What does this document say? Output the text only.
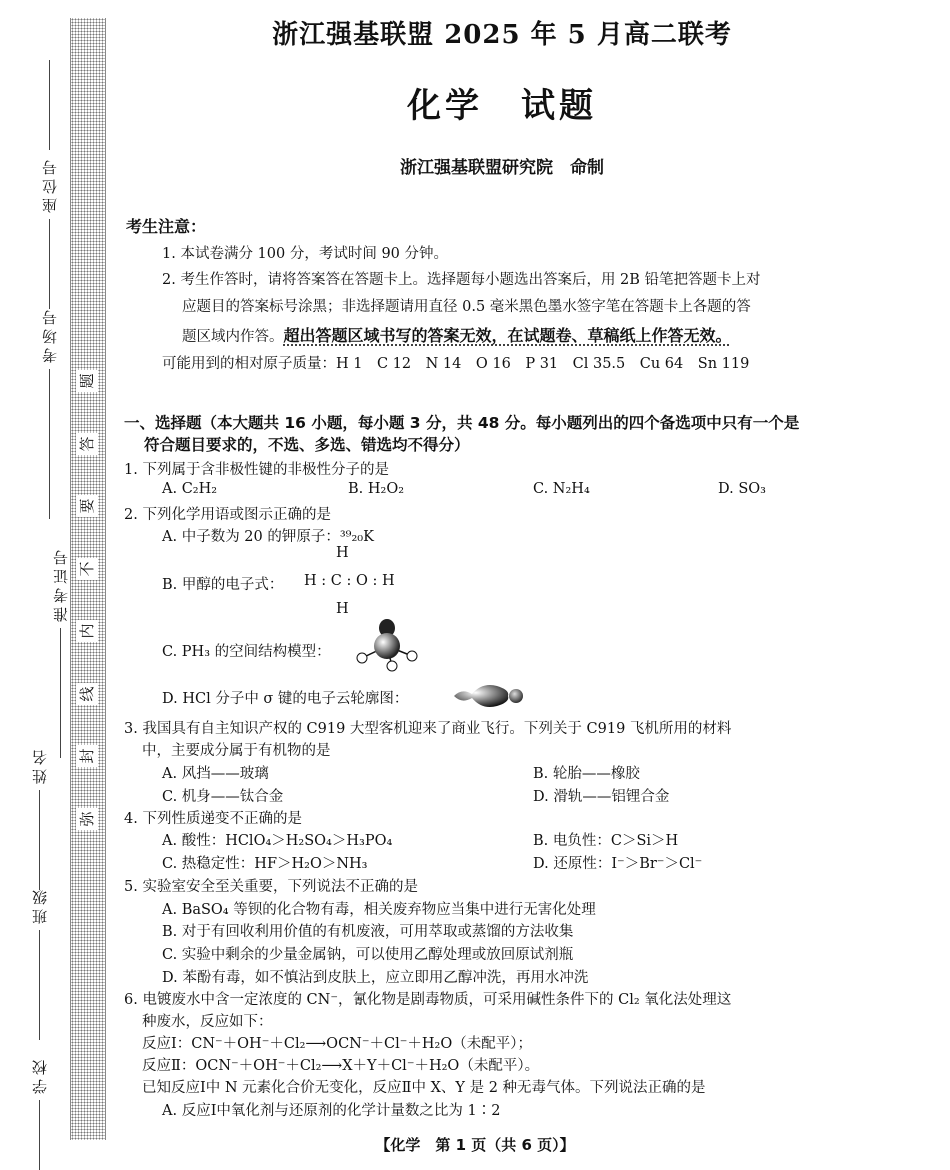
题
答
要
不
内
线
封
弥
座位号
考场号
准考证号
姓名
班级
学校
浙江强基联盟 2025 年 5 月高二联考
化学　试题
浙江强基联盟研究院　命制
考生注意：
1. 本试卷满分 100 分，考试时间 90 分钟。
2. 考生作答时，请将答案答在答题卡上。选择题每小题选出答案后，用 2B 铅笔把答题卡上对
应题目的答案标号涂黑；非选择题请用直径 0.5 毫米黑色墨水签字笔在答题卡上各题的答
题区域内作答。超出答题区域书写的答案无效，在试题卷、草稿纸上作答无效。
可能用到的相对原子质量：H 1　C 12　N 14　O 16　P 31　Cl 35.5　Cu 64　Sn 119
一、选择题（本大题共 16 小题，每小题 3 分，共 48 分。每小题列出的四个备选项中只有一个是
符合题目要求的，不选、多选、错选均不得分）
1. 下列属于含非极性键的非极性分子的是
A. C₂H₂	B. H₂O₂	C. N₂H₄	D. SO₃
2. 下列化学用语或图示正确的是
A. 中子数为 20 的钾原子：³⁹₂₀K
B. 甲醇的电子式：
H
H : C : O : H
H
C. PH₃ 的空间结构模型：
D. HCl 分子中 σ 键的电子云轮廓图：
3. 我国具有自主知识产权的 C919 大型客机迎来了商业飞行。下列关于 C919 飞机所用的材料
中，主要成分属于有机物的是
A. 风挡——玻璃	B. 轮胎——橡胶
C. 机身——钛合金	D. 滑轨——铝锂合金
4. 下列性质递变不正确的是
A. 酸性：HClO₄＞H₂SO₄＞H₃PO₄	B. 电负性：C＞Si＞H
C. 热稳定性：HF＞H₂O＞NH₃	D. 还原性：I⁻＞Br⁻＞Cl⁻
5. 实验室安全至关重要，下列说法不正确的是
A. BaSO₄ 等钡的化合物有毒，相关废弃物应当集中进行无害化处理
B. 对于有回收利用价值的有机废液，可用萃取或蒸馏的方法收集
C. 实验中剩余的少量金属钠，可以使用乙醇处理或放回原试剂瓶
D. 苯酚有毒，如不慎沾到皮肤上，应立即用乙醇冲洗，再用水冲洗
6. 电镀废水中含一定浓度的 CN⁻，氰化物是剧毒物质，可采用碱性条件下的 Cl₂ 氧化法处理这
种废水，反应如下：
反应Ⅰ：CN⁻＋OH⁻＋Cl₂⟶OCN⁻＋Cl⁻＋H₂O（未配平）；
反应Ⅱ：OCN⁻＋OH⁻＋Cl₂⟶X＋Y＋Cl⁻＋H₂O（未配平）。
已知反应Ⅰ中 N 元素化合价无变化，反应Ⅱ中 X、Y 是 2 种无毒气体。下列说法正确的是
A. 反应Ⅰ中氧化剂与还原剂的化学计量数之比为 1∶2
【化学　第 1 页（共 6 页）】
